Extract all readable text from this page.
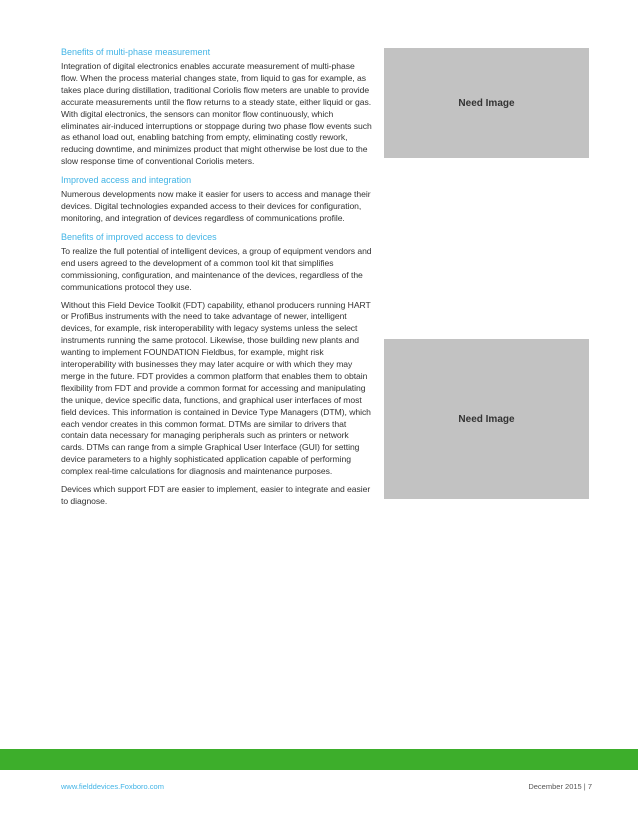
Benefits of multi-phase measurement

Integration of digital electronics enables accurate measurement of multi-phase flow. When the process material changes state, from liquid to gas for example, as takes place during distillation, traditional Coriolis flow meters are unable to provide accurate measurements until the flow returns to a steady state, either liquid or gas. With digital electronics, the sensors can monitor flow continuously, which eliminates air-induced interruptions or stoppage during two phase flow events such as ethanol load out, enabling batching from empty, eliminating costly rework, reducing downtime, and minimizes product that might otherwise be lost due to the slow response time of conventional Coriolis meters.

Improved access and integration

Numerous developments now make it easier for users to access and manage their devices. Digital technologies expanded access to their devices for configuration, monitoring, and integration of devices regardless of communications profile.

Benefits of improved access to devices

To realize the full potential of intelligent devices, a group of equipment vendors and end users agreed to the development of a common tool kit that simplifies commissioning, configuration, and maintenance of the devices, regardless of the communications protocol they use.

Without this Field Device Toolkit (FDT) capability, ethanol producers running HART or ProfiBus instruments with the need to take advantage of newer, intelligent devices, for example, risk interoperability with legacy systems unless the select instruments running the same protocol. Likewise, those building new plants and wanting to implement FOUNDATION Fieldbus, for example, might risk interoperability with businesses they may later acquire or with which they may merge in the future. FDT provides a common platform that enables them to obtain flexibility from FDT and provide a common format for accessing and manipulating the unique, device specific data, functions, and graphical user interfaces of most field devices. This information is contained in Device Type Managers (DTM), which each vendor creates in this common format. DTMs are similar to drivers that contain data necessary for managing peripherals such as printers or network cards. DTMs can range from a simple Graphical User Interface (GUI) for setting device parameters to a highly sophisticated application capable of performing complex real-time calculations for diagnosis and maintenance purposes.

Devices which support FDT are easier to implement, easier to integrate and easier to diagnose.

Need Image
Need Image
www.fielddevices.Foxboro.com	December 2015 | 7
